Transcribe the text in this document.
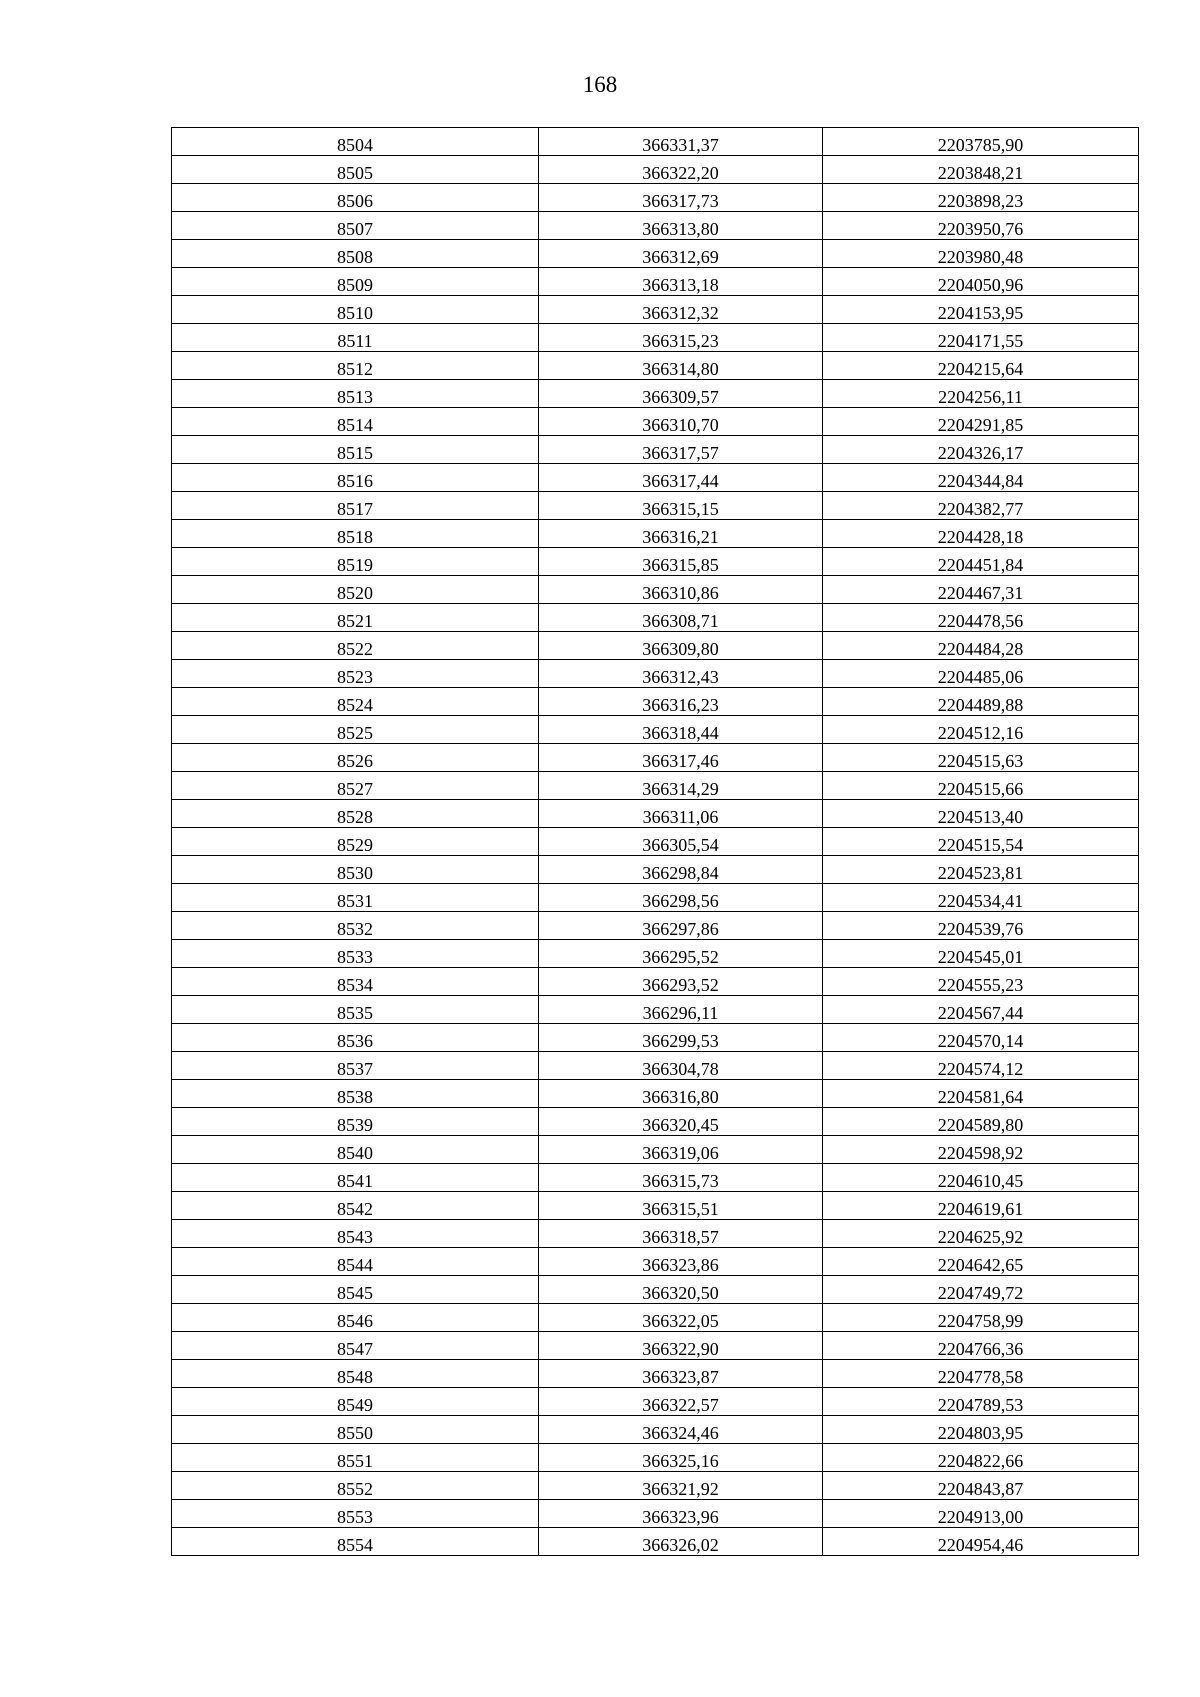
168
8504	366331,37	2203785,90
8505	366322,20	2203848,21
8506	366317,73	2203898,23
8507	366313,80	2203950,76
8508	366312,69	2203980,48
8509	366313,18	2204050,96
8510	366312,32	2204153,95
8511	366315,23	2204171,55
8512	366314,80	2204215,64
8513	366309,57	2204256,11
8514	366310,70	2204291,85
8515	366317,57	2204326,17
8516	366317,44	2204344,84
8517	366315,15	2204382,77
8518	366316,21	2204428,18
8519	366315,85	2204451,84
8520	366310,86	2204467,31
8521	366308,71	2204478,56
8522	366309,80	2204484,28
8523	366312,43	2204485,06
8524	366316,23	2204489,88
8525	366318,44	2204512,16
8526	366317,46	2204515,63
8527	366314,29	2204515,66
8528	366311,06	2204513,40
8529	366305,54	2204515,54
8530	366298,84	2204523,81
8531	366298,56	2204534,41
8532	366297,86	2204539,76
8533	366295,52	2204545,01
8534	366293,52	2204555,23
8535	366296,11	2204567,44
8536	366299,53	2204570,14
8537	366304,78	2204574,12
8538	366316,80	2204581,64
8539	366320,45	2204589,80
8540	366319,06	2204598,92
8541	366315,73	2204610,45
8542	366315,51	2204619,61
8543	366318,57	2204625,92
8544	366323,86	2204642,65
8545	366320,50	2204749,72
8546	366322,05	2204758,99
8547	366322,90	2204766,36
8548	366323,87	2204778,58
8549	366322,57	2204789,53
8550	366324,46	2204803,95
8551	366325,16	2204822,66
8552	366321,92	2204843,87
8553	366323,96	2204913,00
8554	366326,02	2204954,46
